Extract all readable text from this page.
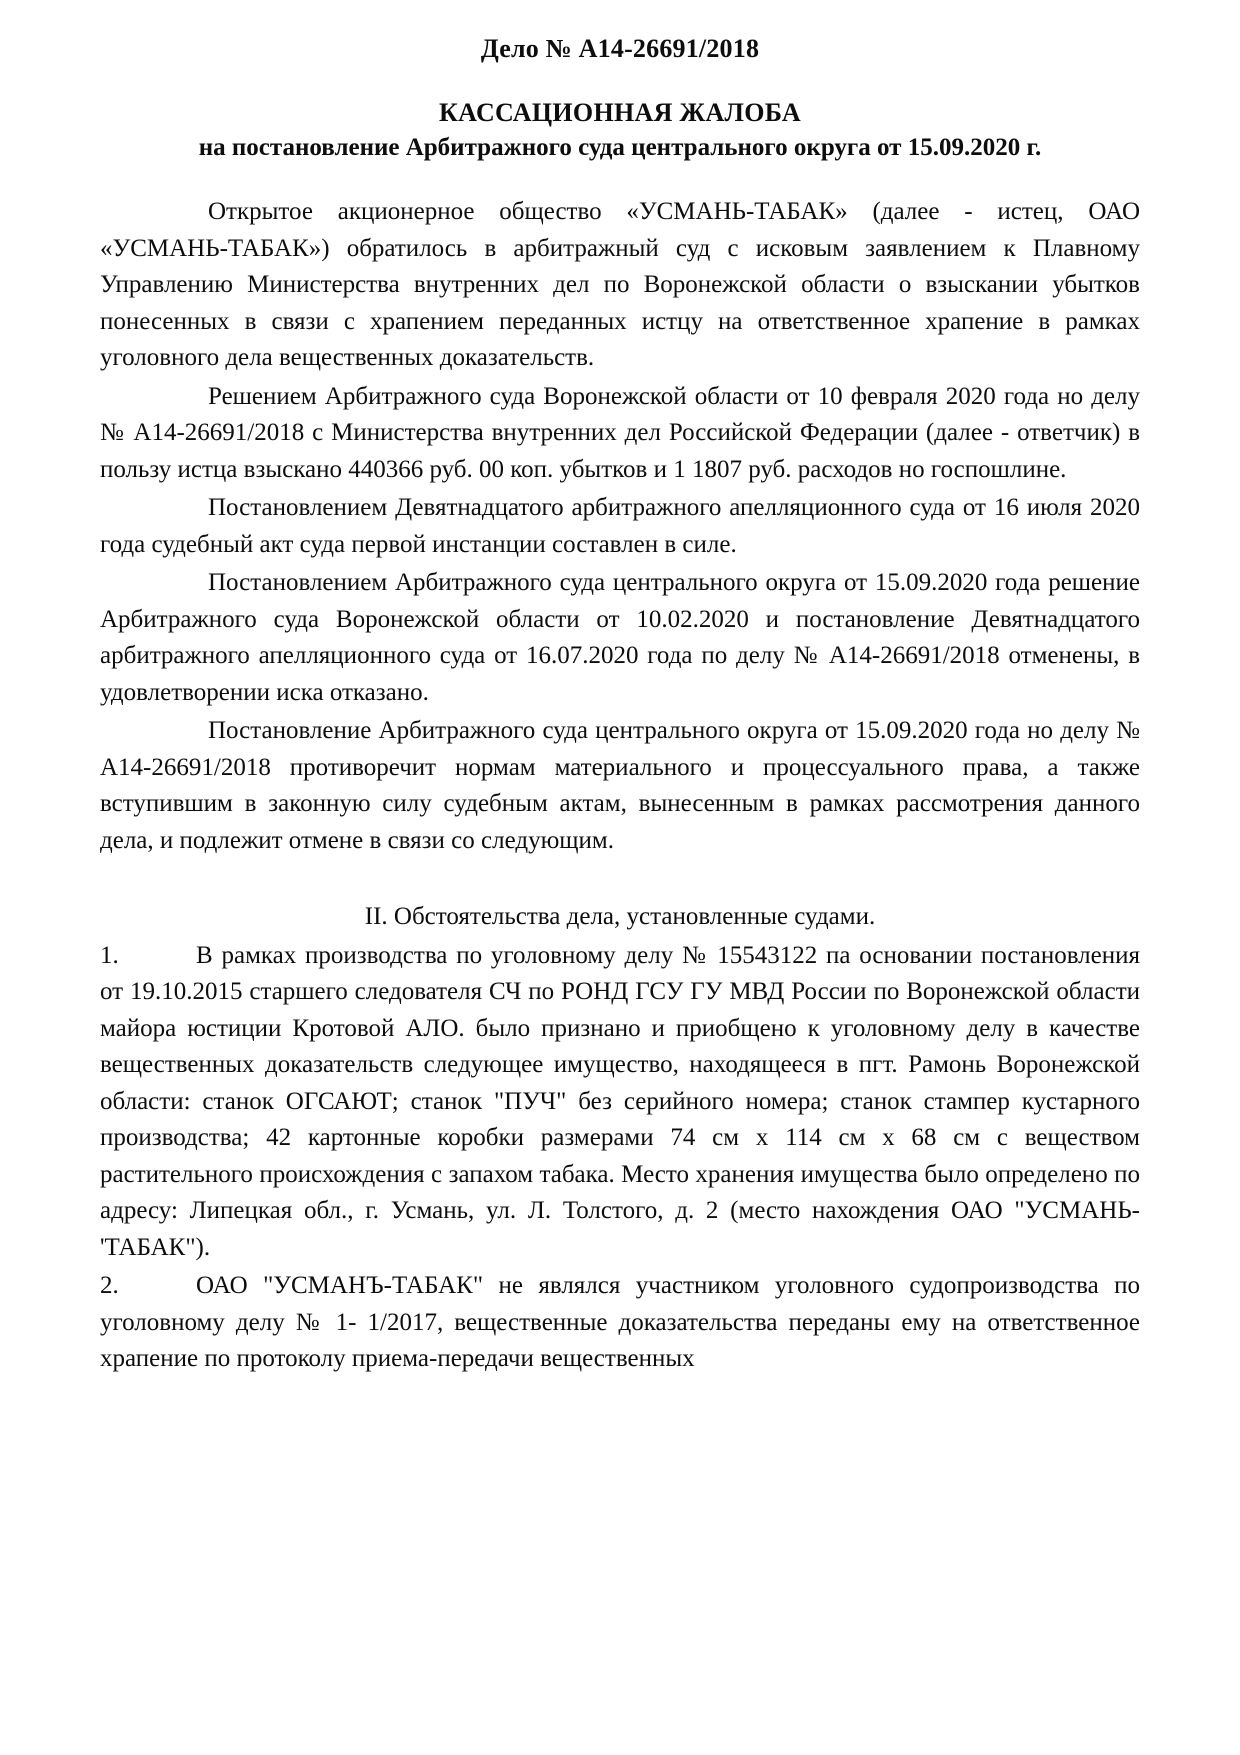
Дело № А14-26691/2018
КАССАЦИОННАЯ ЖАЛОБА
на постановление Арбитражного суда центрального округа от 15.09.2020 г.

Открытое акционерное общество «УСМАНЬ-ТАБАК» (далее - истец, ОАО «УСМАНЬ-ТАБАК») обратилось в арбитражный суд с исковым заявлением к Плавному Управлению Министерства внутренних дел по Воронежской области о взыскании убытков понесенных в связи с храпением переданных истцу на ответственное храпение в рамках уголовного дела вещественных доказательств.

Решением Арбитражного суда Воронежской области от 10 февраля 2020 года но делу № А14-26691/2018 с Министерства внутренних дел Российской Федерации (далее - ответчик) в пользу истца взыскано 440366 руб. 00 коп. убытков и 1 1807 руб. расходов но госпошлине.

Постановлением Девятнадцатого арбитражного апелляционного суда от 16 июля 2020 года судебный акт суда первой инстанции составлен в силе.

Постановлением Арбитражного суда центрального округа от 15.09.2020 года решение Арбитражного суда Воронежской области от 10.02.2020 и постановление Девятнадцатого арбитражного апелляционного суда от 16.07.2020 года по делу № А14-26691/2018 отменены, в удовлетворении иска отказано.

Постановление Арбитражного суда центрального округа от 15.09.2020 года но делу № А14-26691/2018 противоречит нормам материального и процессуального права, а также вступившим в законную силу судебным актам, вынесенным в рамках рассмотрения данного дела, и подлежит отмене в связи со следующим.

II. Обстоятельства дела, установленные судами.
1.	В рамках производства по уголовному делу № 15543122 па основании постановления от 19.10.2015 старшего следователя СЧ по РОНД ГСУ ГУ МВД России по Воронежской области майора юстиции Кротовой АЛО. было признано и приобщено к уголовному делу в качестве вещественных доказательств следующее имущество, находящееся в пгт. Рамонь Воронежской области: станок ОГСАЮТ; станок "ПУЧ" без серийного номера; станок стампер кустарного производства; 42 картонные коробки размерами 74 см х 114 см х 68 см с веществом растительного происхождения с запахом табака. Место хранения имущества было определено по адресу: Липецкая обл., г. Усмань, ул. Л. Толстого, д. 2 (место нахождения ОАО "УСМАНЬ-'ТАБАК").
2.	ОАО "УСМАНЪ-ТАБАК" не являлся участником уголовного судопроизводства по уголовному делу № 1- 1/2017, вещественные доказательства переданы ему на ответственное храпение по протоколу приема-передачи вещественных
